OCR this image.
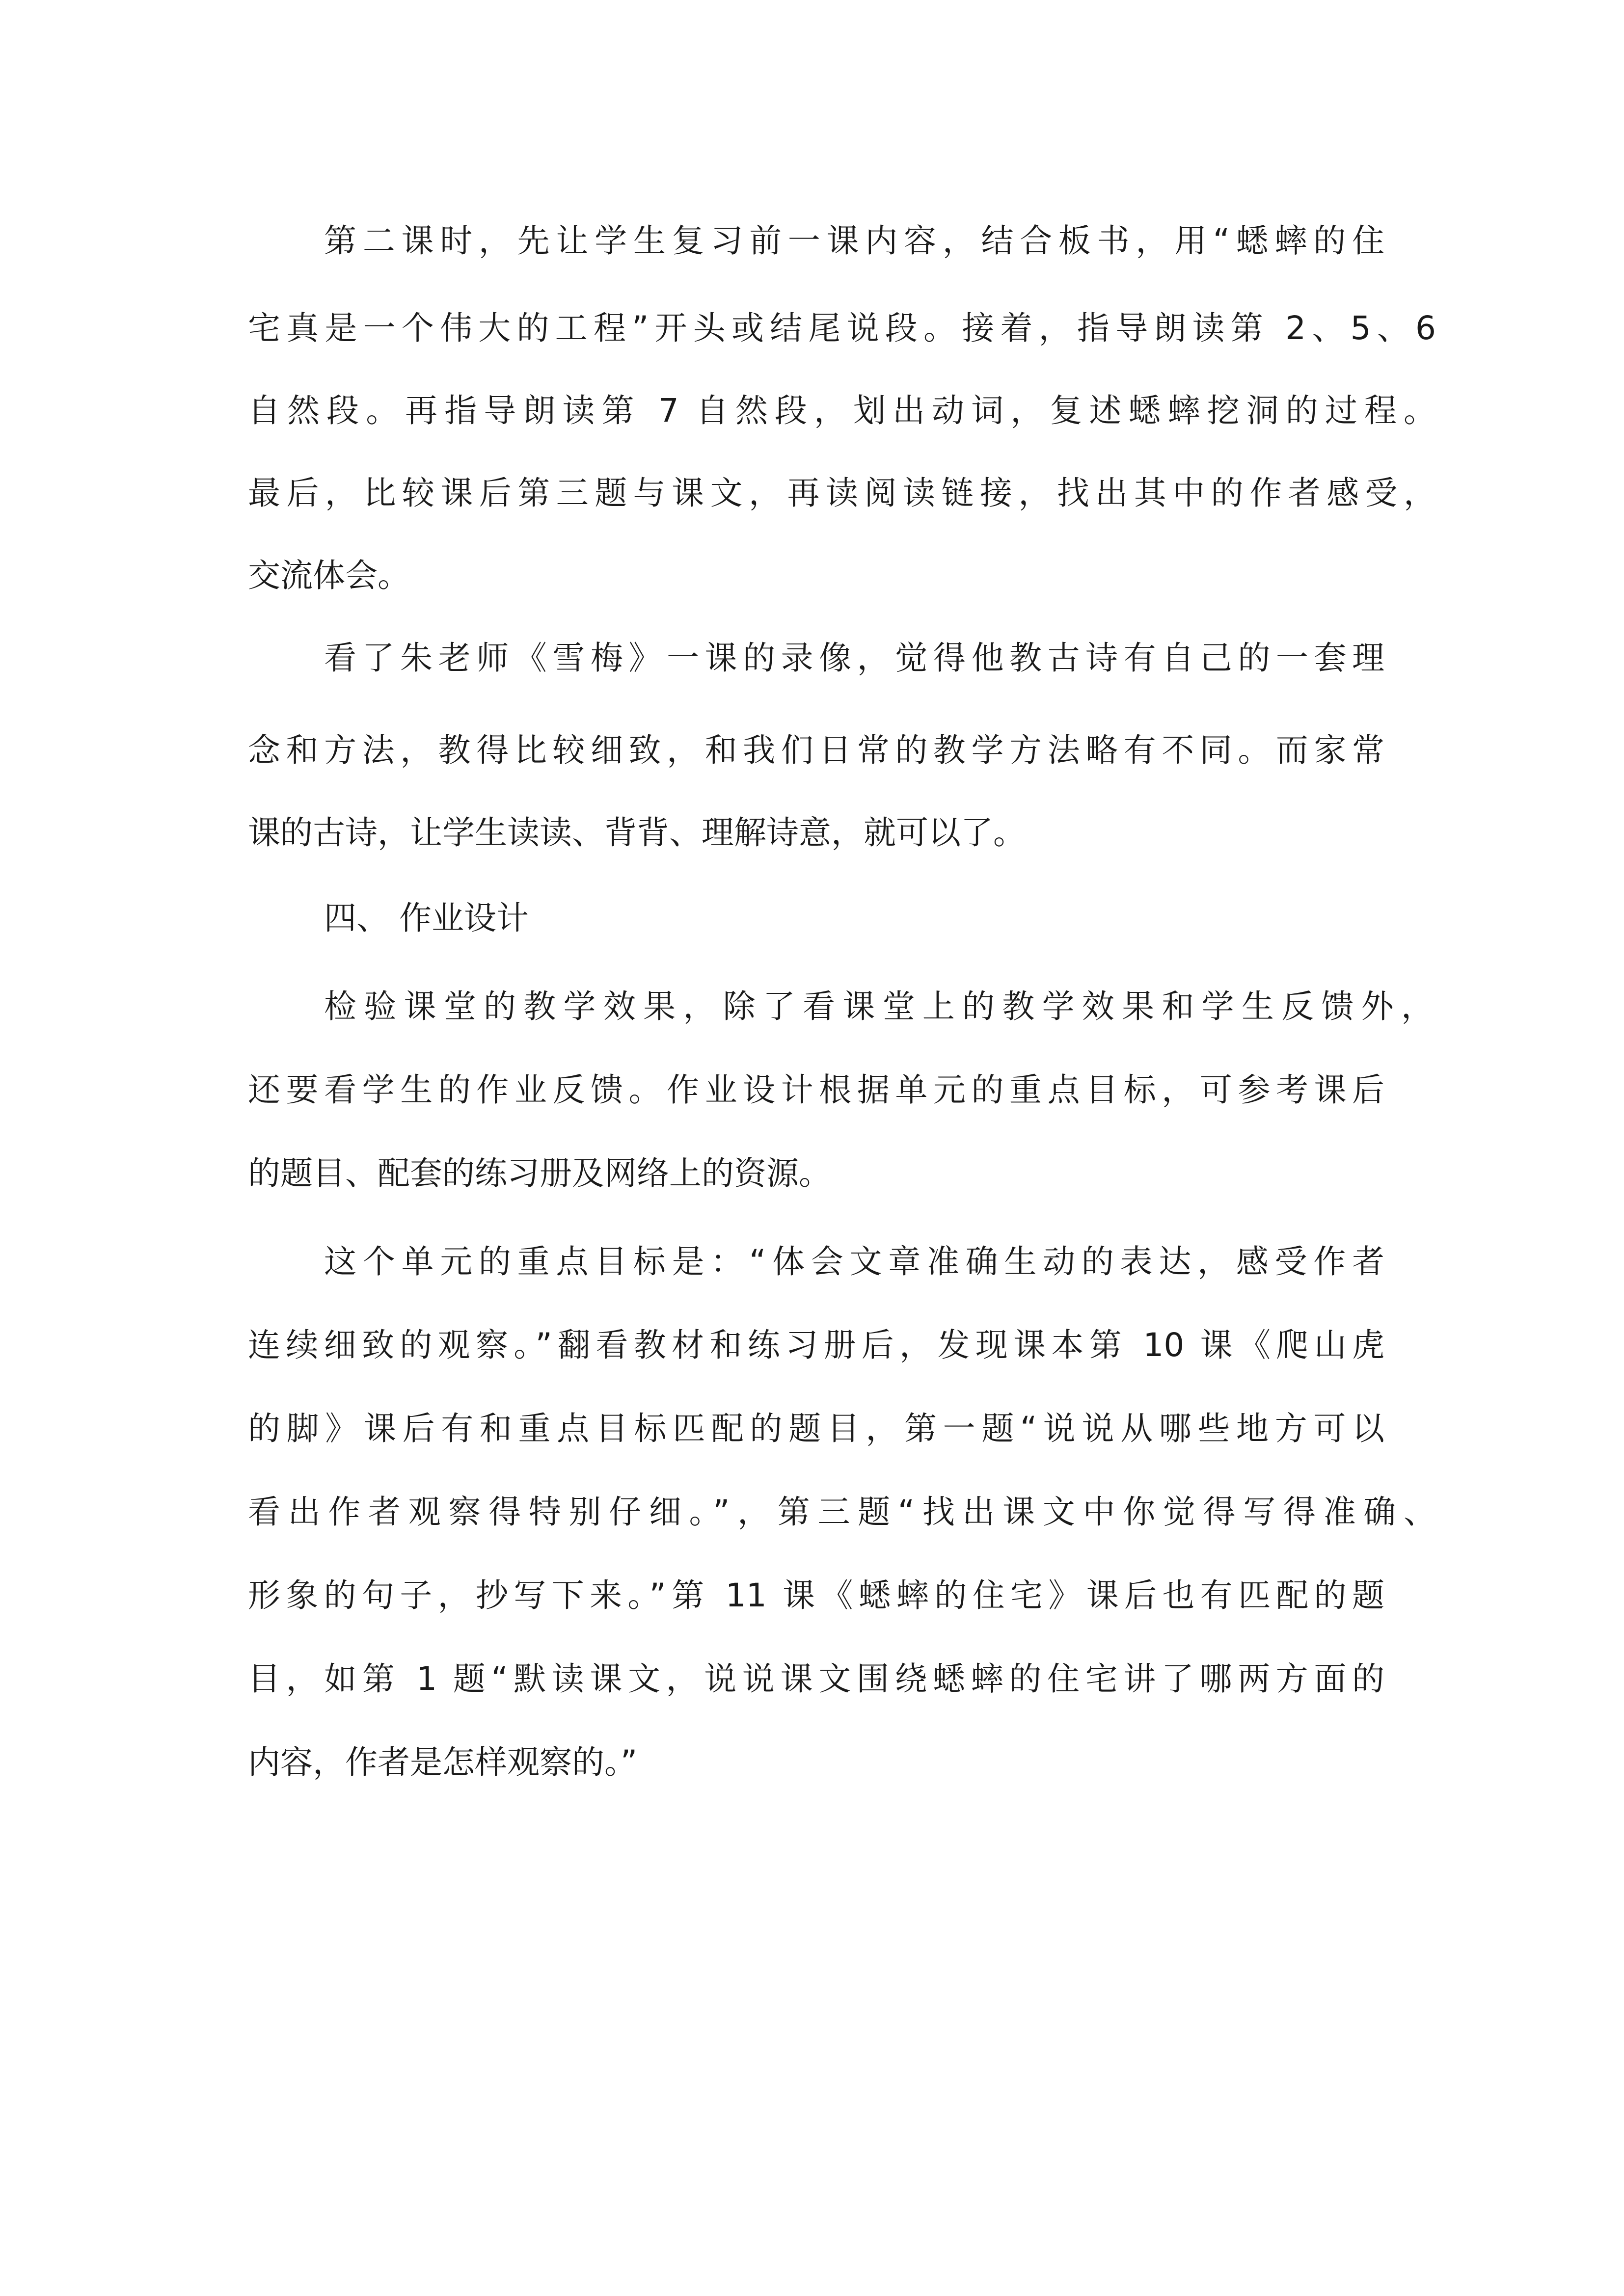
第二课时，先让学生复习前一课内容，结合板书，用“蟋蟀的住

宅真是一个伟大的工程”开头或结尾说段。接着，指导朗读第 2、5、6

自然段。再指导朗读第 7 自然段，划出动词，复述蟋蟀挖洞的过程。

最后，比较课后第三题与课文，再读阅读链接，找出其中的作者感受，

交流体会。

看了朱老师《雪梅》一课的录像，觉得他教古诗有自己的一套理

念和方法，教得比较细致，和我们日常的教学方法略有不同。而家常

课的古诗，让学生读读、背背、理解诗意，就可以了。

四、 作业设计

检验课堂的教学效果，除了看课堂上的教学效果和学生反馈外，

还要看学生的作业反馈。作业设计根据单元的重点目标，可参考课后

的题目、配套的练习册及网络上的资源。

这个单元的重点目标是：“体会文章准确生动的表达，感受作者

连续细致的观察。”翻看教材和练习册后，发现课本第 10 课《爬山虎

的脚》课后有和重点目标匹配的题目，第一题“说说从哪些地方可以

看出作者观察得特别仔细。”，第三题“找出课文中你觉得写得准确、

形象的句子，抄写下来。”第 11 课《蟋蟀的住宅》课后也有匹配的题

目，如第 1 题“默读课文，说说课文围绕蟋蟀的住宅讲了哪两方面的

内容，作者是怎样观察的。”
